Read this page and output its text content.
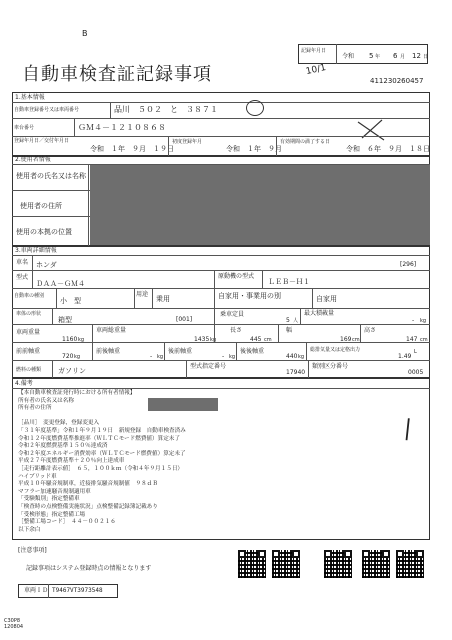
B
自動車検査証記録事項	10/1
記録年月日
令和 5 年 6 月 12 日
411230260457
1.基本情報
自動車登録番号又は車両番号	品川　５０２　と　３８７１
車台番号	ＧＭ４－１２１０８６８
登録年月日／交付年月日
令和　１年　９月　１９日
初度登録年月
令和　１年　９月
有効期間の満了する日
令和　６年　９月　１８日
2.使用者情報
使用者の氏名又は名称
使用者の住所
使用の本拠の位置
3.車両詳細情報
車名 ホンダ	[296]
型式
ＤＡＡ－ＧＭ４
原動機の型式
ＬＥＢ－Ｈ１
自動車の種別
小　型
用途
乗用	自家用・事業用の別	自家用
車体の形状
箱型	[001]
乗車定員
5 人
最大積載量
- kg
車両重量
1160 kg
車両総重量
1435 kg
長さ
445 cm
幅
169 cm
高さ
147 cm
前前軸重
720 kg
前後軸重
- kg
後前軸重
- kg
後後軸重
440 kg
総排気量又は定格出力
1.49
L
燃料の種類 ガソリン
型式指定番号
17940
類別区分番号
0005
4.備考
【本自動車検査証発行時における所有者情報】
所有者の氏名又は名称
所有者の住所
［品川］　変更登録，登録変更入
「３１年度基準」令和１年９月１９日　新規登録　自動車検査済み
令和１２年度燃費基準推進率（ＷＬＴＣモード燃費値）算定未了
令和２年度燃費基準１５０％達成済
令和２年度エネルギー消費効率（ＷＬＴＣモード燃費値）算定未了
平成２７年度燃費基準＋２０％向上達成車
［走行距離計表示値］　６５，１００ｋｍ（令和４年９月１５日）
ハイブリッド車
平成１０年騒音規制車，近接排気騒音規制値　９８ｄＢ
マフラー加速騒音規制適用車
「受験類別」指定整備車
「検査時の点検整備実施状況」点検整備記録簿記載あり
「受検形態」指定整備工場
［整備工場コード］　４４－００２１６
以下余白
|
[注意事項]
記録事項はシステム登録時点の情報となります
車両ＩＤ T9467VT3973548
C30P8
120804
